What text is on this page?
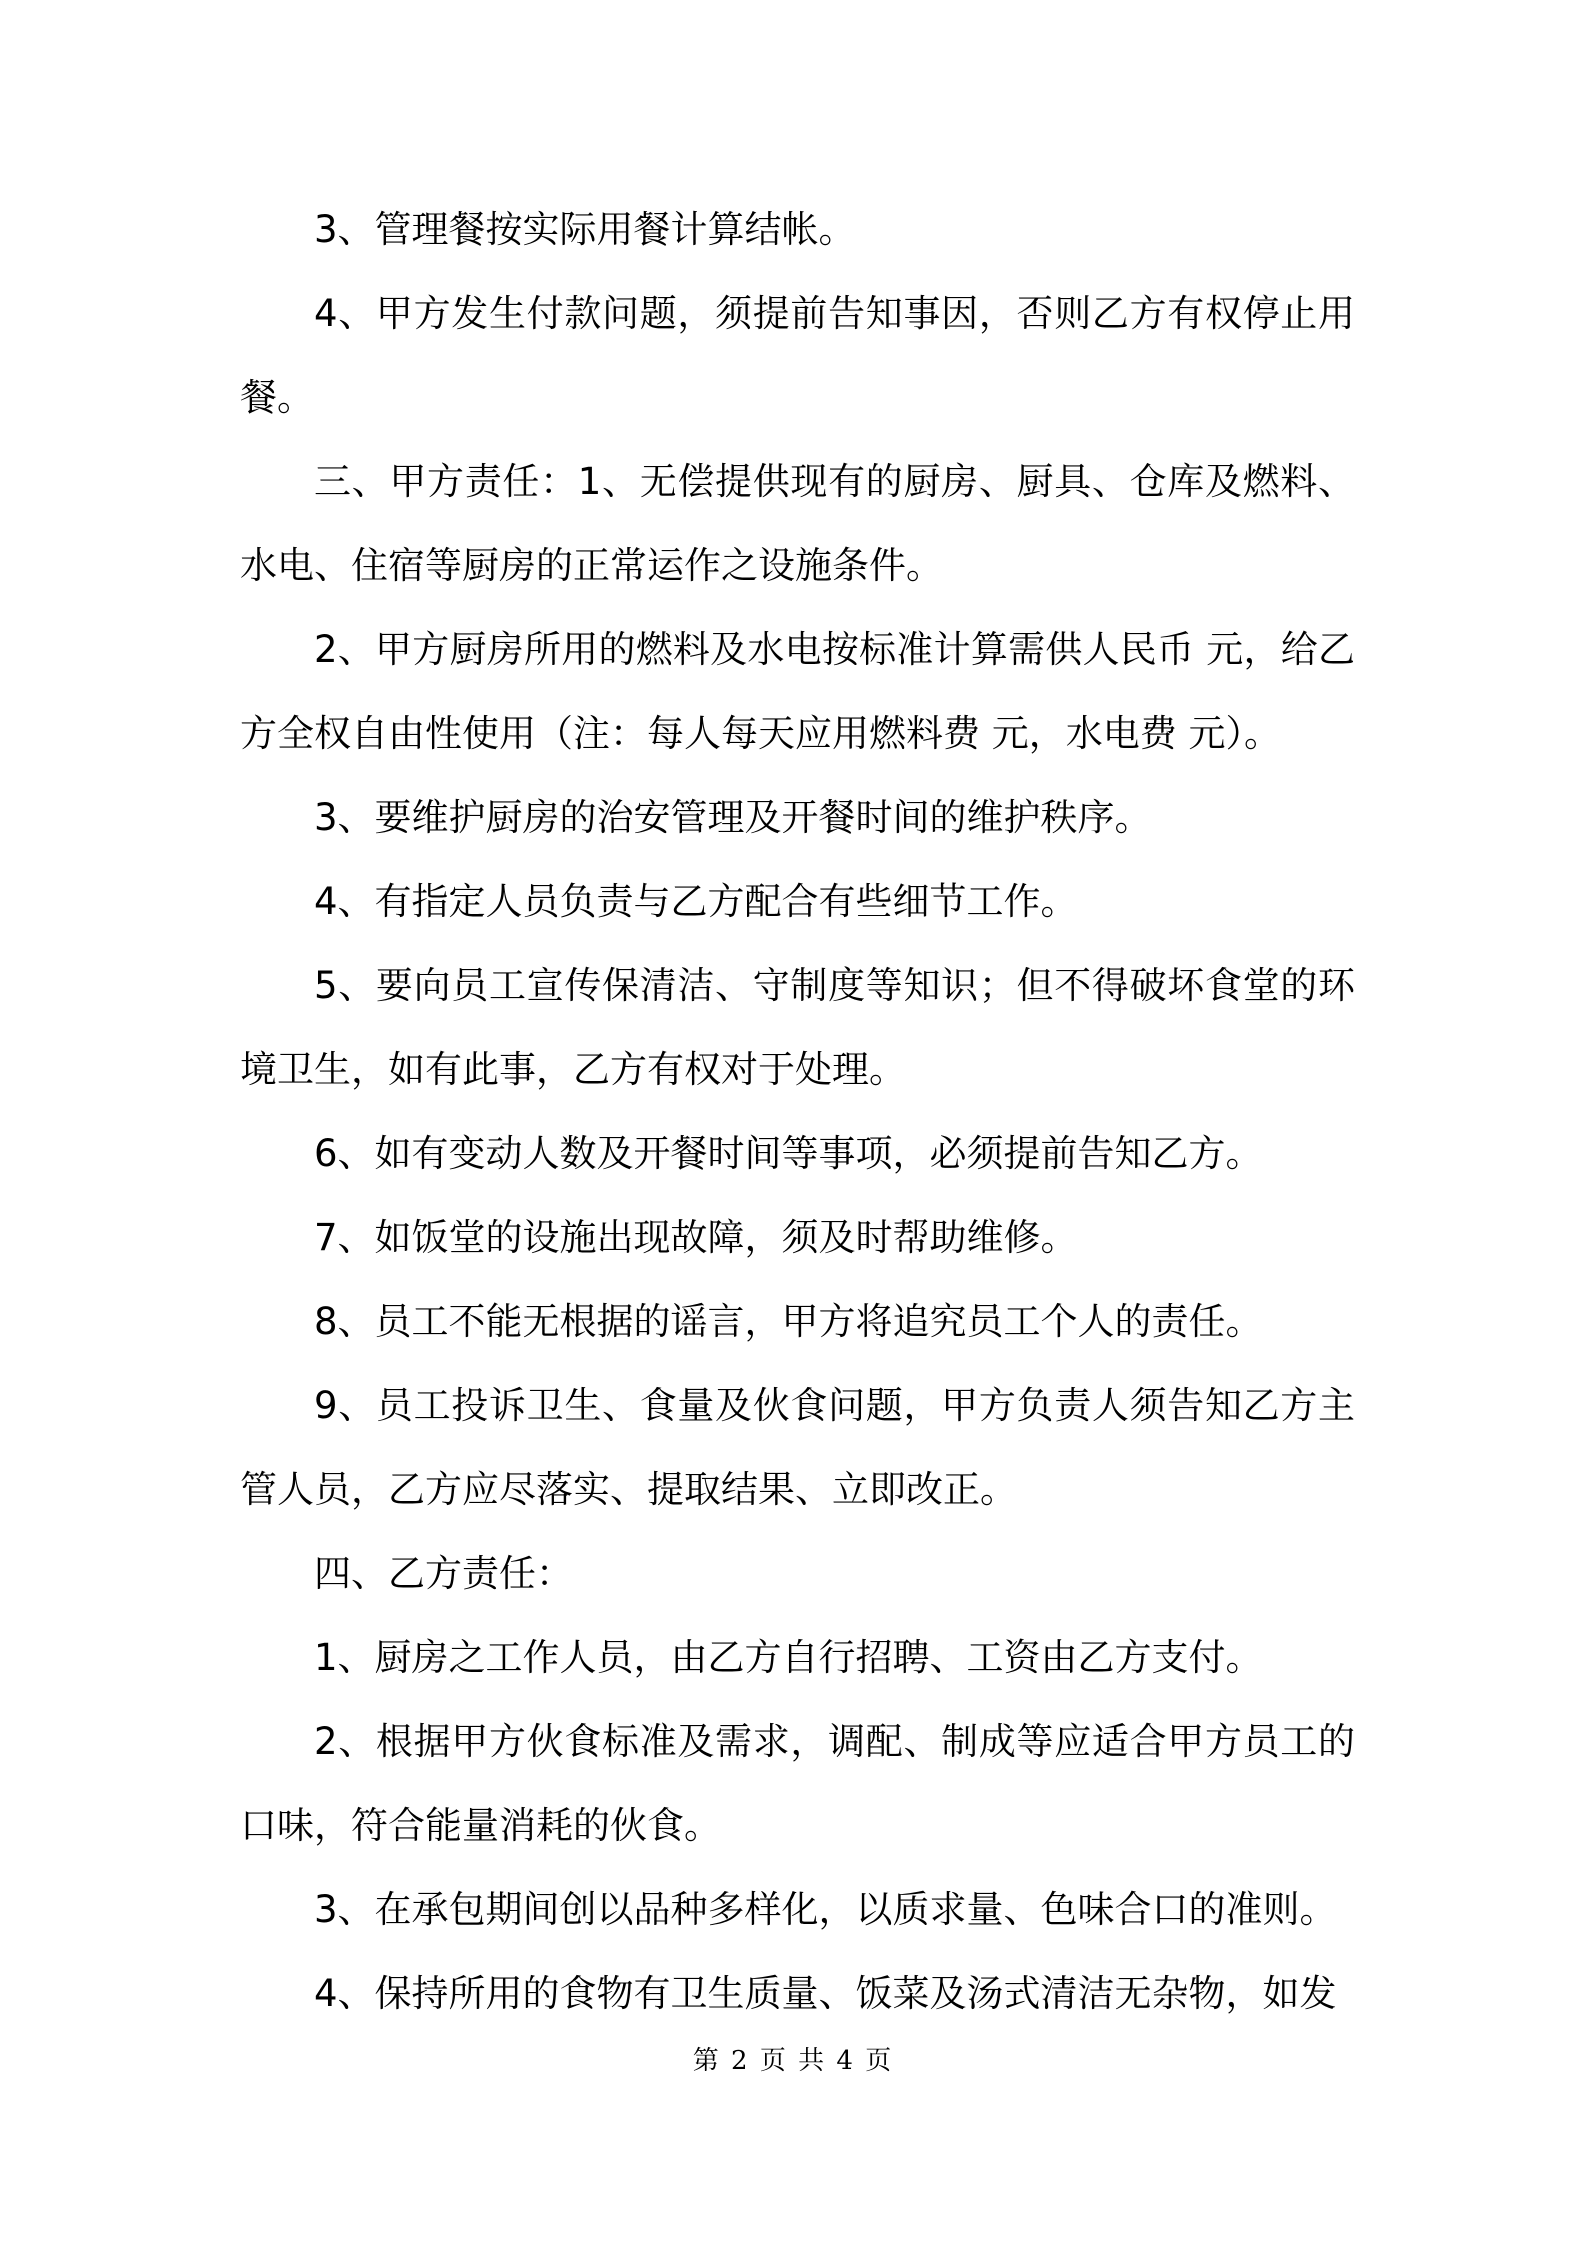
3、管理餐按实际用餐计算结帐。

4、甲方发生付款问题，须提前告知事因，否则乙方有权停止用餐。

三、甲方责任：1、无偿提供现有的厨房、厨具、仓库及燃料、水电、住宿等厨房的正常运作之设施条件。

2、甲方厨房所用的燃料及水电按标准计算需供人民币 元，给乙方全权自由性使用（注：每人每天应用燃料费 元，水电费 元）。

3、要维护厨房的治安管理及开餐时间的维护秩序。

4、有指定人员负责与乙方配合有些细节工作。

5、要向员工宣传保清洁、守制度等知识；但不得破坏食堂的环境卫生，如有此事，乙方有权对于处理。

6、如有变动人数及开餐时间等事项，必须提前告知乙方。

7、如饭堂的设施出现故障，须及时帮助维修。

8、员工不能无根据的谣言，甲方将追究员工个人的责任。

9、员工投诉卫生、食量及伙食问题，甲方负责人须告知乙方主管人员，乙方应尽落实、提取结果、立即改正。

四、乙方责任：

1、厨房之工作人员，由乙方自行招聘、工资由乙方支付。

2、根据甲方伙食标准及需求，调配、制成等应适合甲方员工的口味，符合能量消耗的伙食。

3、在承包期间创以品种多样化，以质求量、色味合口的准则。

4、保持所用的食物有卫生质量、饭菜及汤式清洁无杂物，如发

第 2 页 共 4 页
